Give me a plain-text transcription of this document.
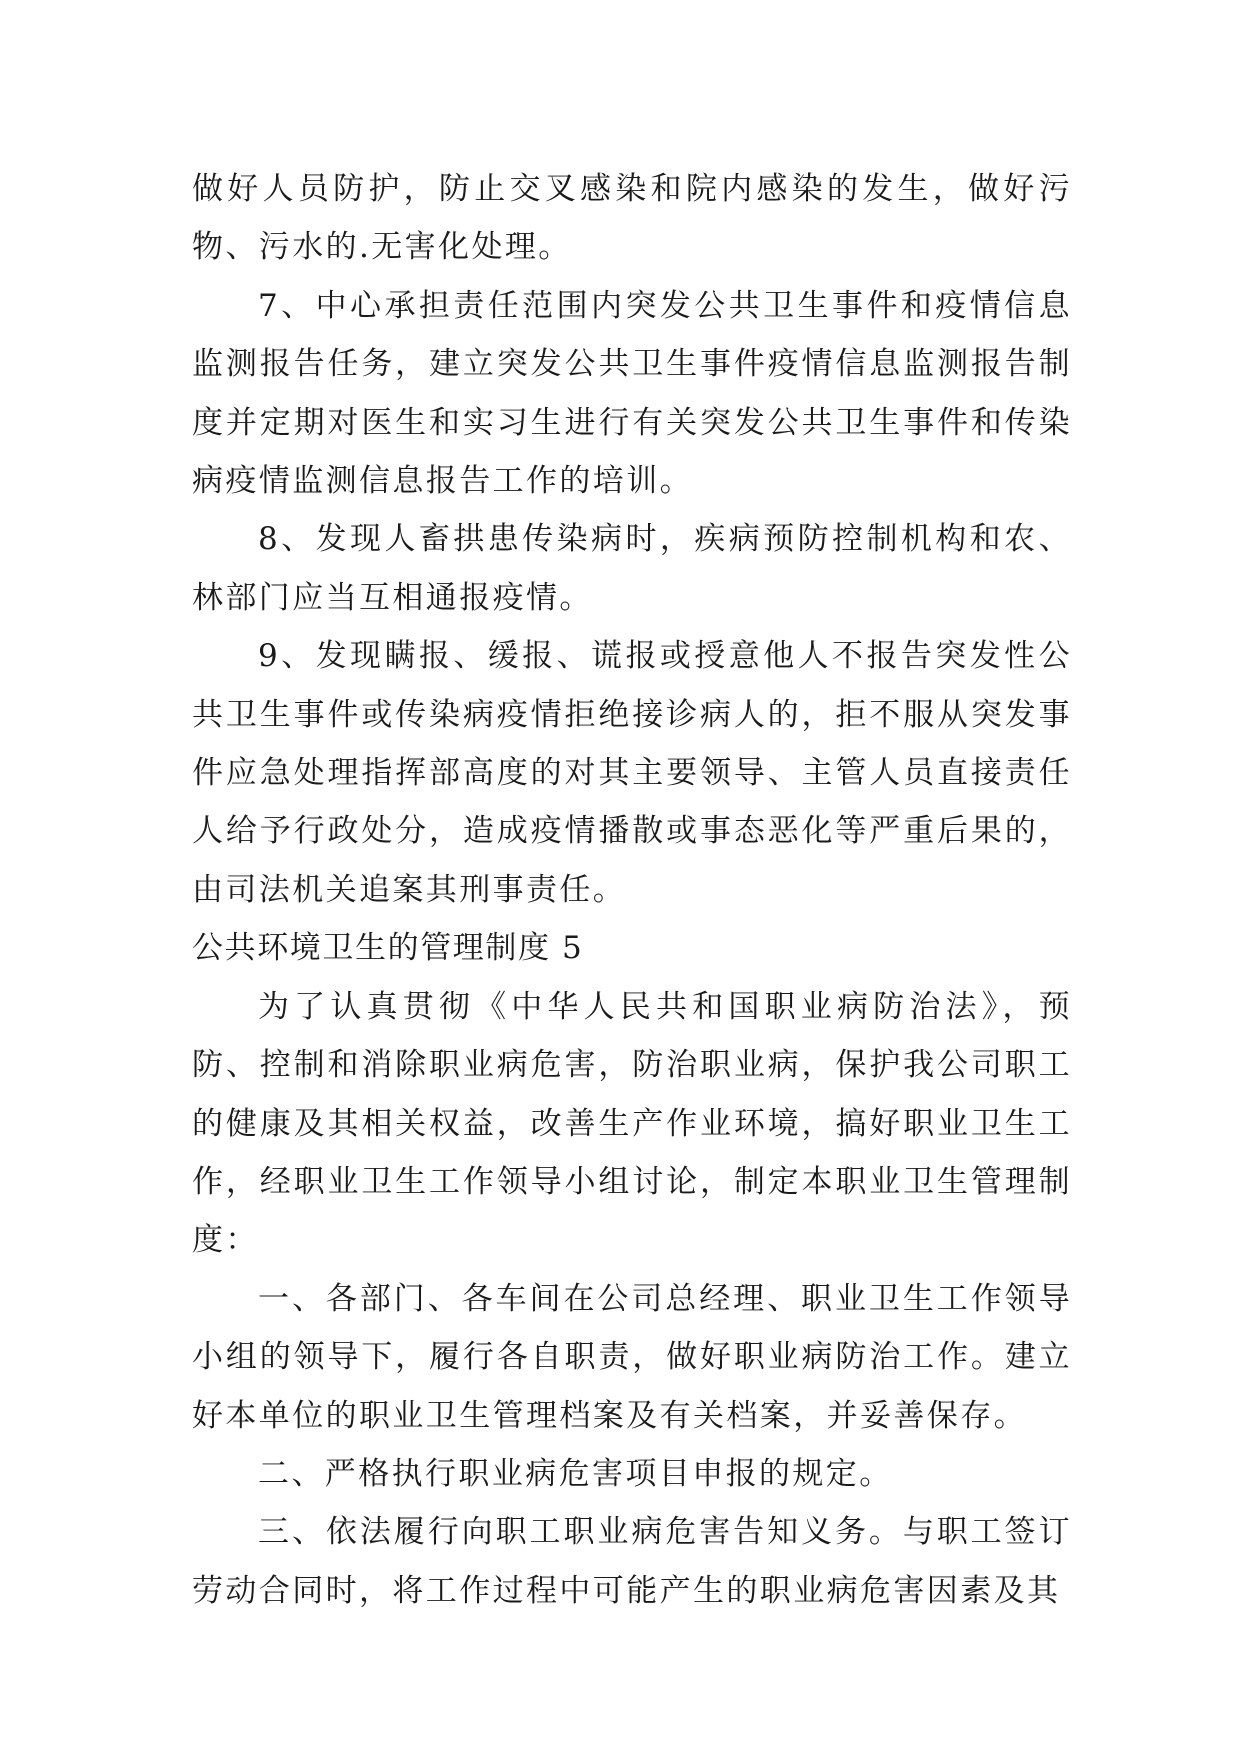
做好人员防护，防止交叉感染和院内感染的发生，做好污物、污水的.无害化处理。

7、中心承担责任范围内突发公共卫生事件和疫情信息监测报告任务，建立突发公共卫生事件疫情信息监测报告制度并定期对医生和实习生进行有关突发公共卫生事件和传染病疫情监测信息报告工作的培训。

8、发现人畜拱患传染病时，疾病预防控制机构和农、林部门应当互相通报疫情。

9、发现瞒报、缓报、谎报或授意他人不报告突发性公共卫生事件或传染病疫情拒绝接诊病人的，拒不服从突发事件应急处理指挥部高度的对其主要领导、主管人员直接责任人给予行政处分，造成疫情播散或事态恶化等严重后果的，由司法机关追案其刑事责任。

公共环境卫生的管理制度 5

为了认真贯彻《中华人民共和国职业病防治法》，预防、控制和消除职业病危害，防治职业病，保护我公司职工的健康及其相关权益，改善生产作业环境，搞好职业卫生工作，经职业卫生工作领导小组讨论，制定本职业卫生管理制度：

一、各部门、各车间在公司总经理、职业卫生工作领导小组的领导下，履行各自职责，做好职业病防治工作。建立好本单位的职业卫生管理档案及有关档案，并妥善保存。

二、严格执行职业病危害项目申报的规定。

三、依法履行向职工职业病危害告知义务。与职工签订劳动合同时，将工作过程中可能产生的职业病危害因素及其
